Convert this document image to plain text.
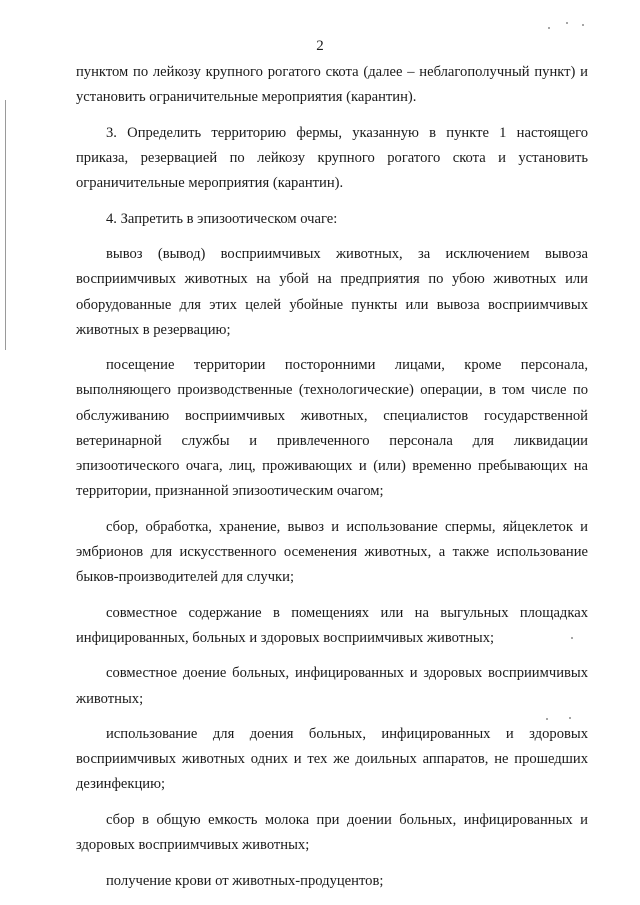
2

пунктом по лейкозу крупного рогатого скота (далее – неблагополучный пункт) и установить ограничительные мероприятия (карантин).

3. Определить территорию фермы, указанную в пункте 1 настоящего приказа, резервацией по лейкозу крупного рогатого скота и установить ограничительные мероприятия (карантин).

4. Запретить в эпизоотическом очаге:

вывоз (вывод) восприимчивых животных, за исключением вывоза восприимчивых животных на убой на предприятия по убою животных или оборудованные для этих целей убойные пункты или вывоза восприимчивых животных в резервацию;

посещение территории посторонними лицами, кроме персонала, выполняющего производственные (технологические) операции, в том числе по обслуживанию восприимчивых животных, специалистов государственной ветеринарной службы и привлеченного персонала для ликвидации эпизоотического очага, лиц, проживающих и (или) временно пребывающих на территории, признанной эпизоотическим очагом;

сбор, обработка, хранение, вывоз и использование спермы, яйцеклеток и эмбрионов для искусственного осеменения животных, а также использование быков-производителей для случки;

совместное содержание в помещениях или на выгульных площадках инфицированных, больных и здоровых восприимчивых животных;

совместное доение больных, инфицированных и здоровых восприимчивых животных;

использование для доения больных, инфицированных и здоровых восприимчивых животных одних и тех же доильных аппаратов, не прошедших дезинфекцию;

сбор в общую емкость молока при доении больных, инфицированных и здоровых восприимчивых животных;

получение крови от животных-продуцентов;
